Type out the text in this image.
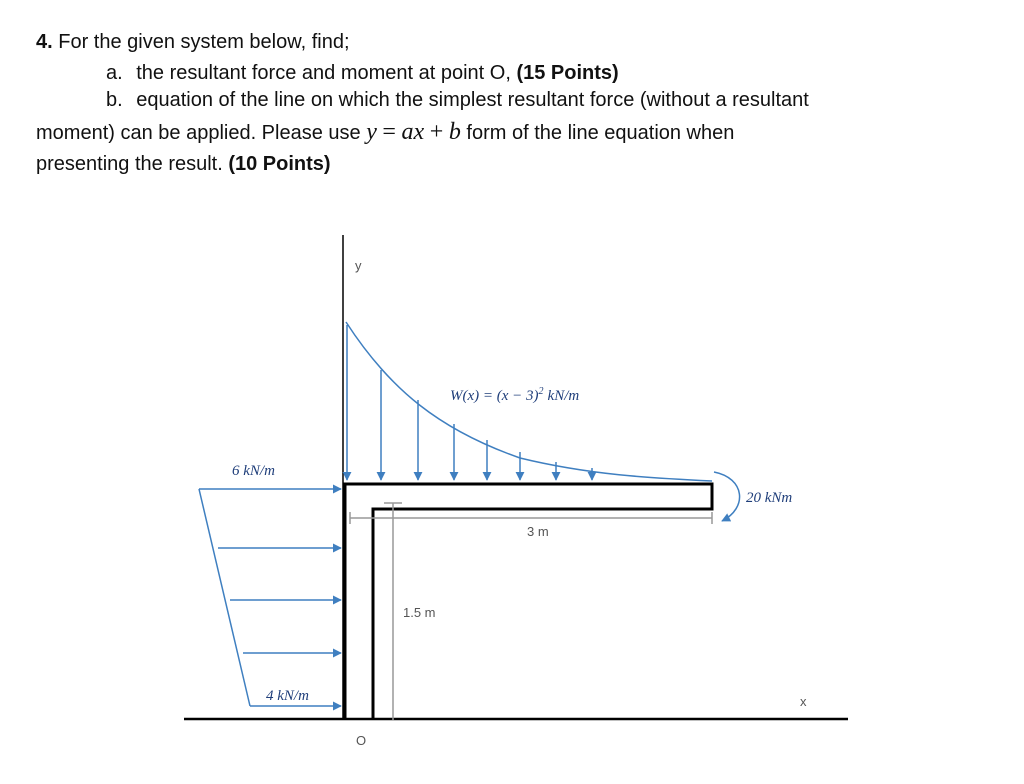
4. For the given system below, find;
a. the resultant force and moment at point O, (15 Points)
b. equation of the line on which the simplest resultant force (without a resultant
moment) can be applied. Please use y = ax + b form of the line equation when
presenting the result. (10 Points)
y
x
O
3 m
1.5 m
$W(x) = (x - 3)^2$ kN/m
6 kN/m
4 kN/m
20 kNm
